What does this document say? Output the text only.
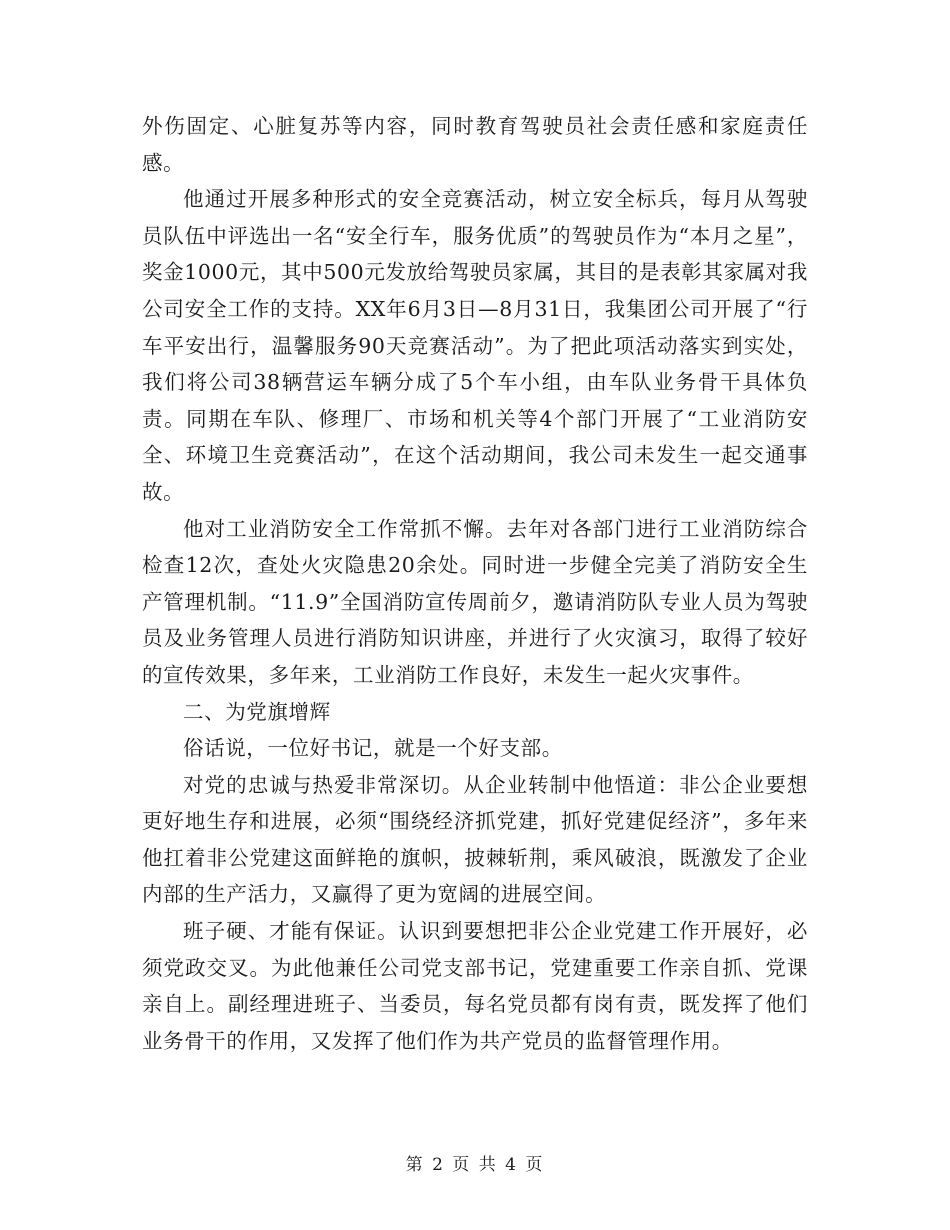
外伤固定、心脏复苏等内容，同时教育驾驶员社会责任感和家庭责任感。

他通过开展多种形式的安全竞赛活动，树立安全标兵，每月从驾驶员队伍中评选出一名“安全行车，服务优质”的驾驶员作为“本月之星”，奖金1000元，其中500元发放给驾驶员家属，其目的是表彰其家属对我公司安全工作的支持。XX年6月3日—8月31日，我集团公司开展了“行车平安出行，温馨服务90天竞赛活动”。为了把此项活动落实到实处，我们将公司38辆营运车辆分成了5个车小组，由车队业务骨干具体负责。同期在车队、修理厂、市场和机关等4个部门开展了“工业消防安全、环境卫生竞赛活动”，在这个活动期间，我公司未发生一起交通事故。

他对工业消防安全工作常抓不懈。去年对各部门进行工业消防综合检查12次，查处火灾隐患20余处。同时进一步健全完美了消防安全生产管理机制。“11.9”全国消防宣传周前夕，邀请消防队专业人员为驾驶员及业务管理人员进行消防知识讲座，并进行了火灾演习，取得了较好的宣传效果，多年来，工业消防工作良好，未发生一起火灾事件。

二、为党旗增辉

俗话说，一位好书记，就是一个好支部。

对党的忠诚与热爱非常深切。从企业转制中他悟道：非公企业要想更好地生存和进展，必须“围绕经济抓党建，抓好党建促经济”，多年来他扛着非公党建这面鲜艳的旗帜，披棘斩荆，乘风破浪，既激发了企业内部的生产活力，又赢得了更为宽阔的进展空间。

班子硬、才能有保证。认识到要想把非公企业党建工作开展好，必须党政交叉。为此他兼任公司党支部书记，党建重要工作亲自抓、党课亲自上。副经理进班子、当委员，每名党员都有岗有责，既发挥了他们业务骨干的作用，又发挥了他们作为共产党员的监督管理作用。

第 2 页 共 4 页
